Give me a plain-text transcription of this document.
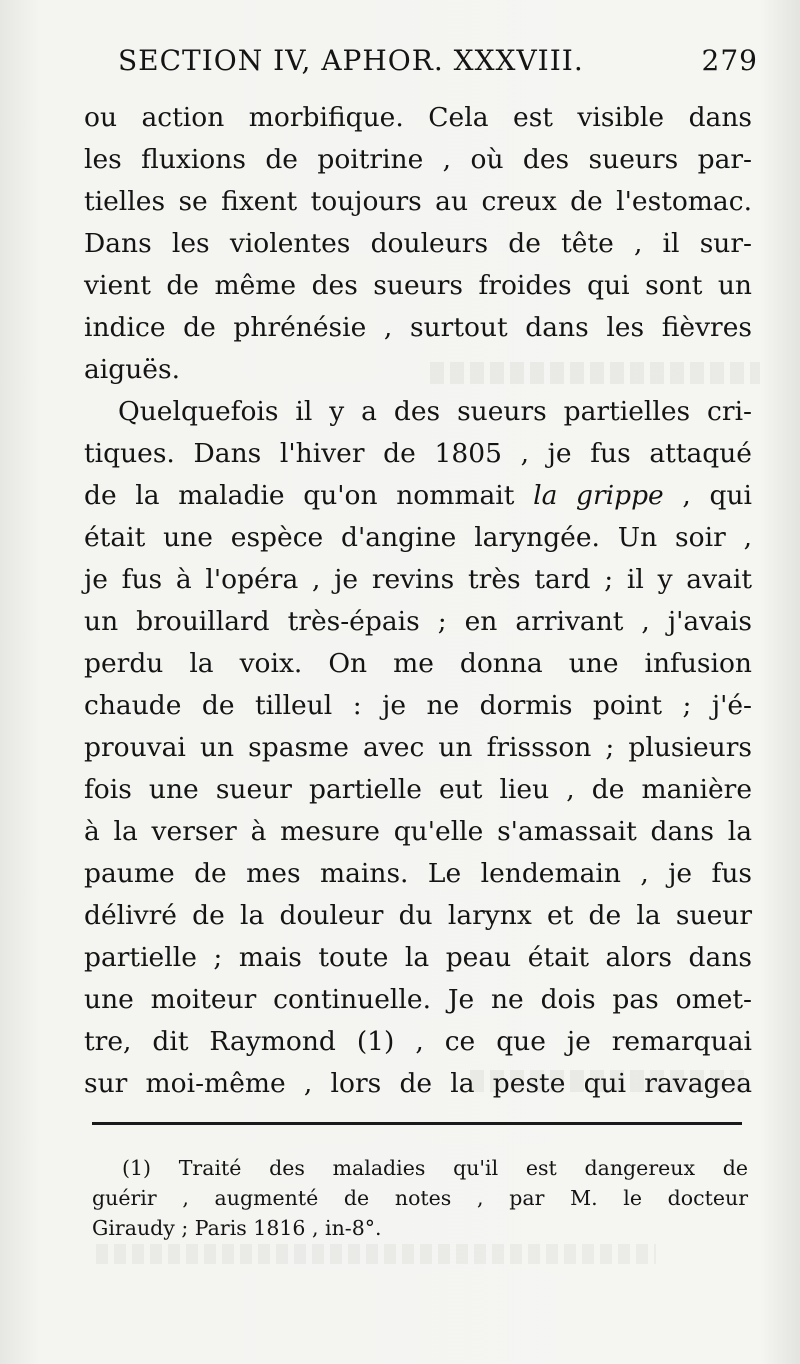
SECTION IV, APHOR. XXXVIII.	279
ou action morbifique. Cela est visible dans
les fluxions de poitrine , où des sueurs par-
tielles se fixent toujours au creux de l'estomac.
Dans les violentes douleurs de tête , il sur-
vient de même des sueurs froides qui sont un
indice de phrénésie , surtout dans les fièvres
aiguës.
Quelquefois il y a des sueurs partielles cri-
tiques. Dans l'hiver de 1805 , je fus attaqué
de la maladie qu'on nommait la grippe , qui
était une espèce d'angine laryngée. Un soir ,
je fus à l'opéra , je revins très tard ; il y avait
un brouillard très-épais ; en arrivant , j'avais
perdu la voix. On me donna une infusion
chaude de tilleul : je ne dormis point ; j'é-
prouvai un spasme avec un frissson ; plusieurs
fois une sueur partielle eut lieu , de manière
à la verser à mesure qu'elle s'amassait dans la
paume de mes mains. Le lendemain , je fus
délivré de la douleur du larynx et de la sueur
partielle ; mais toute la peau était alors dans
une moiteur continuelle. Je ne dois pas omet-
tre, dit Raymond (1) , ce que je remarquai
sur moi-même , lors de la peste qui ravagea
(1) Traité des maladies qu'il est dangereux de
guérir , augmenté de notes , par M. le docteur
Giraudy ; Paris 1816 , in-8°.
